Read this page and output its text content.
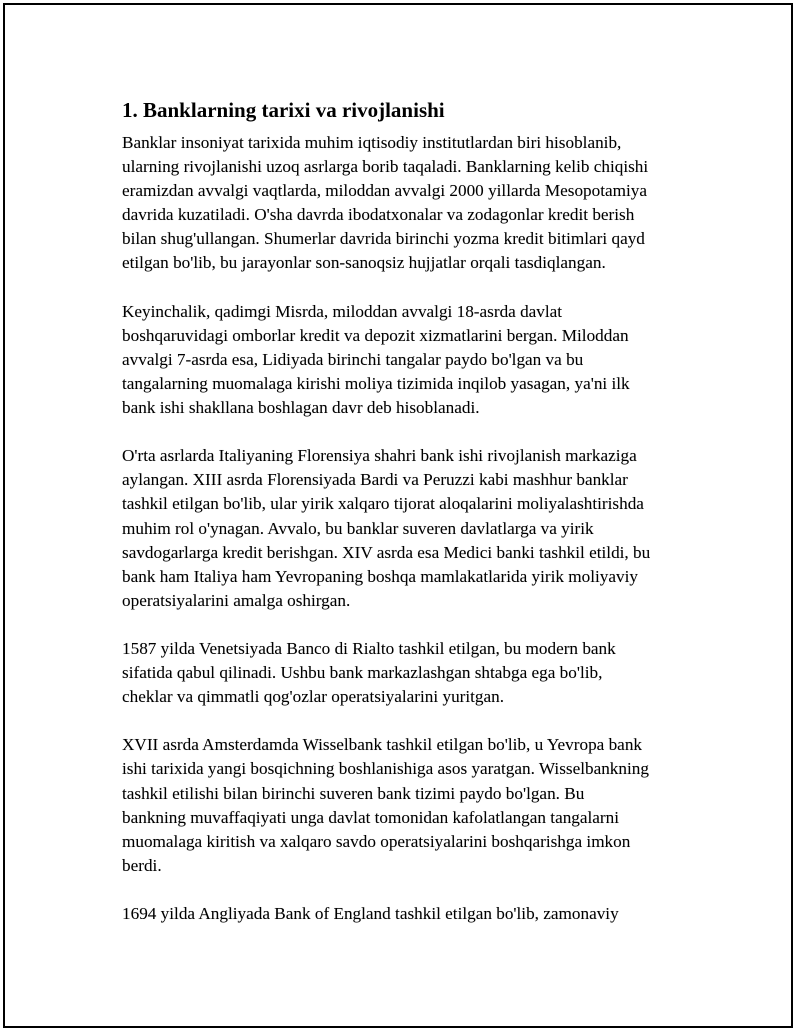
1. Banklarning tarixi va rivojlanishi
Banklar insoniyat tarixida muhim iqtisodiy institutlardan biri hisoblanib,
ularning rivojlanishi uzoq asrlarga borib taqaladi. Banklarning kelib chiqishi
eramizdan avvalgi vaqtlarda, miloddan avvalgi 2000 yillarda Mesopotamiya
davrida kuzatiladi. O'sha davrda ibodatxonalar va zodagonlar kredit berish
bilan shug'ullangan. Shumerlar davrida birinchi yozma kredit bitimlari qayd
etilgan bo'lib, bu jarayonlar son-sanoqsiz hujjatlar orqali tasdiqlangan.
Keyinchalik, qadimgi Misrda, miloddan avvalgi 18-asrda davlat
boshqaruvidagi omborlar kredit va depozit xizmatlarini bergan. Miloddan
avvalgi 7-asrda esa, Lidiyada birinchi tangalar paydo bo'lgan va bu
tangalarning muomalaga kirishi moliya tizimida inqilob yasagan, ya'ni ilk
bank ishi shakllana boshlagan davr deb hisoblanadi.
O'rta asrlarda Italiyaning Florensiya shahri bank ishi rivojlanish markaziga
aylangan. XIII asrda Florensiyada Bardi va Peruzzi kabi mashhur banklar
tashkil etilgan bo'lib, ular yirik xalqaro tijorat aloqalarini moliyalashtirishda
muhim rol o'ynagan. Avvalo, bu banklar suveren davlatlarga va yirik
savdogarlarga kredit berishgan. XIV asrda esa Medici banki tashkil etildi, bu
bank ham Italiya ham Yevropaning boshqa mamlakatlarida yirik moliyaviy
operatsiyalarini amalga oshirgan.
1587 yilda Venetsiyada Banco di Rialto tashkil etilgan, bu modern bank
sifatida qabul qilinadi. Ushbu bank markazlashgan shtabga ega bo'lib,
cheklar va qimmatli qog'ozlar operatsiyalarini yuritgan.
XVII asrda Amsterdamda Wisselbank tashkil etilgan bo'lib, u Yevropa bank
ishi tarixida yangi bosqichning boshlanishiga asos yaratgan. Wisselbankning
tashkil etilishi bilan birinchi suveren bank tizimi paydo bo'lgan. Bu
bankning muvaffaqiyati unga davlat tomonidan kafolatlangan tangalarni
muomalaga kiritish va xalqaro savdo operatsiyalarini boshqarishga imkon
berdi.
1694 yilda Angliyada Bank of England tashkil etilgan bo'lib, zamonaviy
